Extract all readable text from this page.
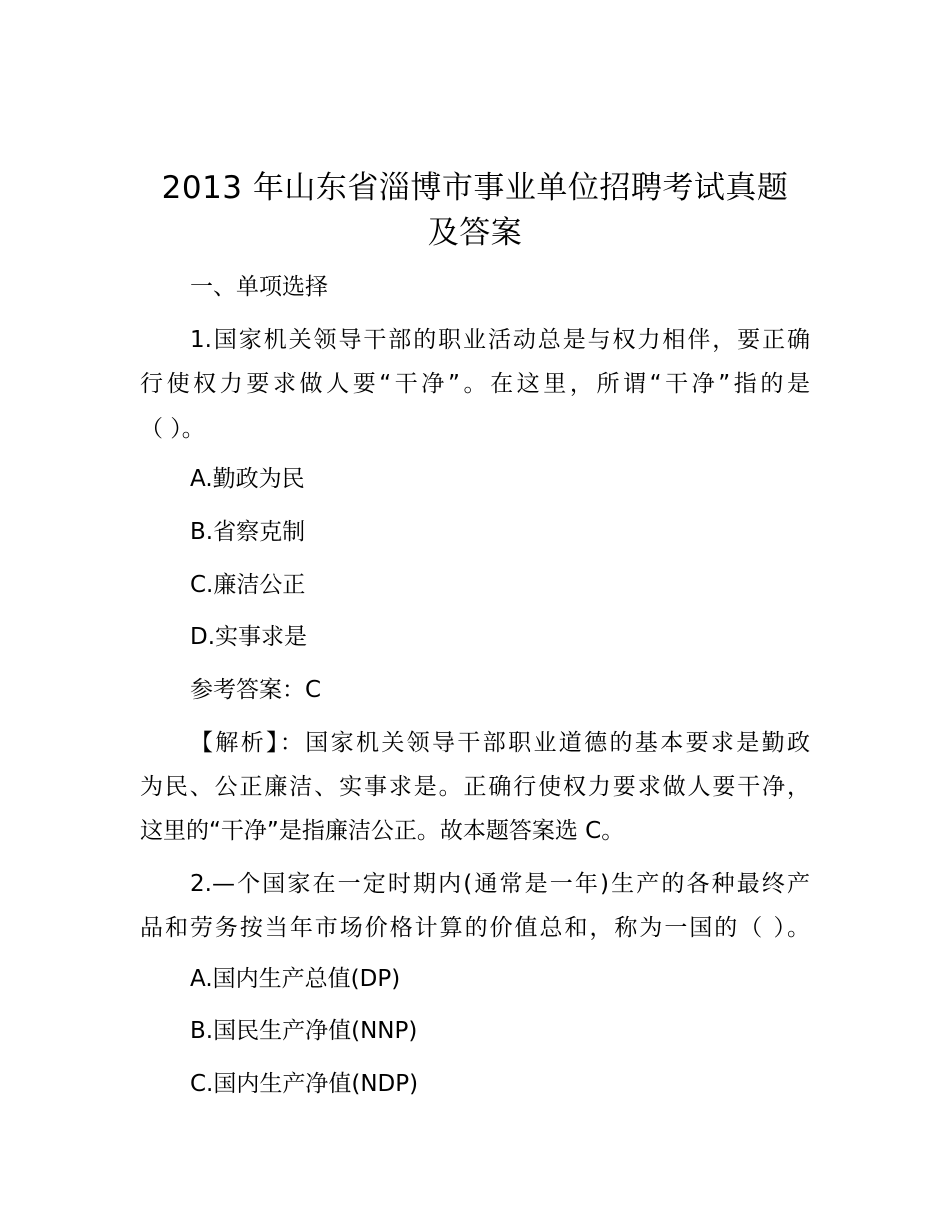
2013 年山东省淄博市事业单位招聘考试真题
及答案
一、单项选择
1.国家机关领导干部的职业活动总是与权力相伴，要正确
行使权力要求做人要“干净”。在这里，所谓“干净”指的是
（ ）。
A.勤政为民
B.省察克制
C.廉洁公正
D.实事求是
参考答案：C
【解析】：国家机关领导干部职业道德的基本要求是勤政
为民、公正廉洁、实事求是。正确行使权力要求做人要干净，
这里的“干净”是指廉洁公正。故本题答案选 C。
2.—个国家在一定时期内(通常是一年)生产的各种最终产
品和劳务按当年市场价格计算的价值总和，称为一国的（ ）。
A.国内生产总值(DP)
B.国民生产净值(NNP)
C.国内生产净值(NDP)
